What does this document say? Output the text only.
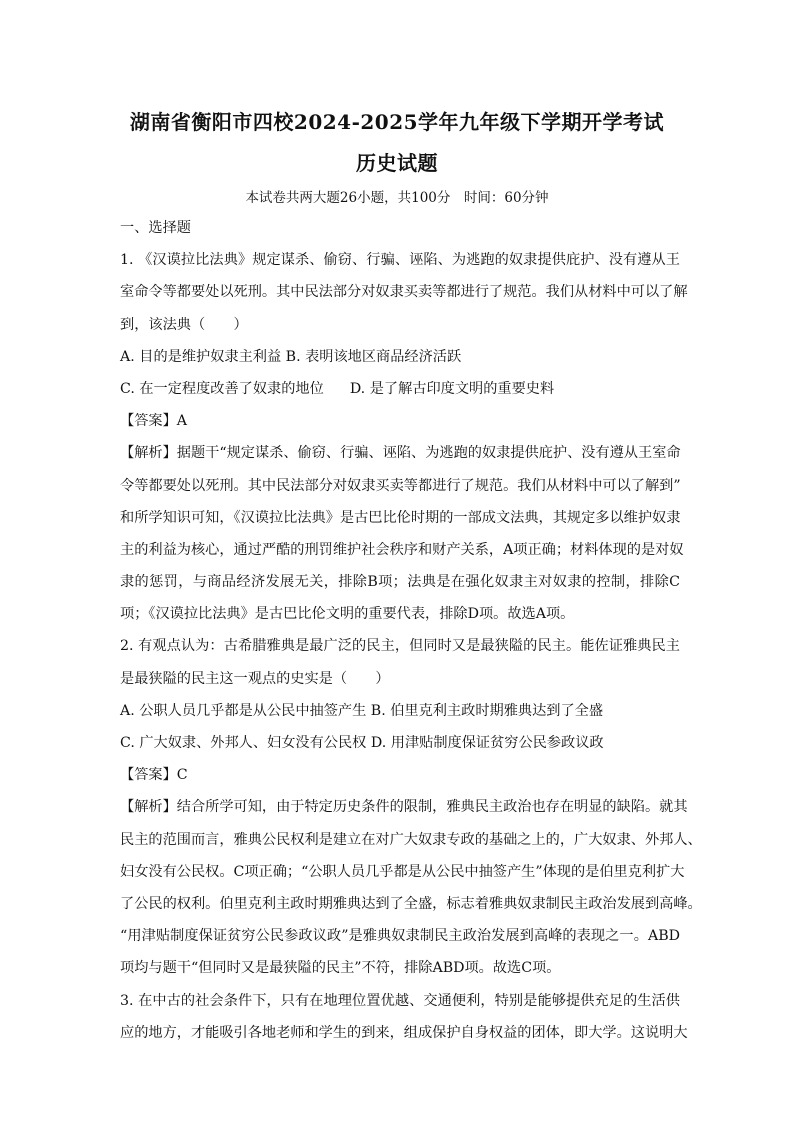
湖南省衡阳市四校2024-2025学年九年级下学期开学考试
历史试题
本试卷共两大题26小题，共100分　时间：60分钟
一、选择题
1. 《汉谟拉比法典》规定谋杀、偷窃、行骗、诬陷、为逃跑的奴隶提供庇护、没有遵从王
室命令等都要处以死刑。其中民法部分对奴隶买卖等都进行了规范。我们从材料中可以了解
到，该法典（　　）
A. 目的是维护奴隶主利益 B. 表明该地区商品经济活跃
C. 在一定程度改善了奴隶的地位 D. 是了解古印度文明的重要史料
【答案】A
【解析】据题干“规定谋杀、偷窃、行骗、诬陷、为逃跑的奴隶提供庇护、没有遵从王室命
令等都要处以死刑。其中民法部分对奴隶买卖等都进行了规范。我们从材料中可以了解到”
和所学知识可知，《汉谟拉比法典》是古巴比伦时期的一部成文法典，其规定多以维护奴隶
主的利益为核心，通过严酷的刑罚维护社会秩序和财产关系，A项正确；材料体现的是对奴
隶的惩罚，与商品经济发展无关，排除B项；法典是在强化奴隶主对奴隶的控制，排除C
项；《汉谟拉比法典》是古巴比伦文明的重要代表，排除D项。故选A项。
2. 有观点认为：古希腊雅典是最广泛的民主，但同时又是最狭隘的民主。能佐证雅典民主
是最狭隘的民主这一观点的史实是（　　）
A. 公职人员几乎都是从公民中抽签产生 B. 伯里克利主政时期雅典达到了全盛
C. 广大奴隶、外邦人、妇女没有公民权 D. 用津贴制度保证贫穷公民参政议政
【答案】C
【解析】结合所学可知，由于特定历史条件的限制，雅典民主政治也存在明显的缺陷。就其
民主的范围而言，雅典公民权利是建立在对广大奴隶专政的基础之上的，广大奴隶、外邦人、
妇女没有公民权。C项正确；“公职人员几乎都是从公民中抽签产生”体现的是伯里克利扩大
了公民的权利。伯里克利主政时期雅典达到了全盛，标志着雅典奴隶制民主政治发展到高峰。
“用津贴制度保证贫穷公民参政议政”是雅典奴隶制民主政治发展到高峰的表现之一。ABD
项均与题干“但同时又是最狭隘的民主”不符，排除ABD项。故选C项。
3. 在中古的社会条件下，只有在地理位置优越、交通便利，特别是能够提供充足的生活供
应的地方，才能吸引各地老师和学生的到来，组成保护自身权益的团体，即大学。这说明大
